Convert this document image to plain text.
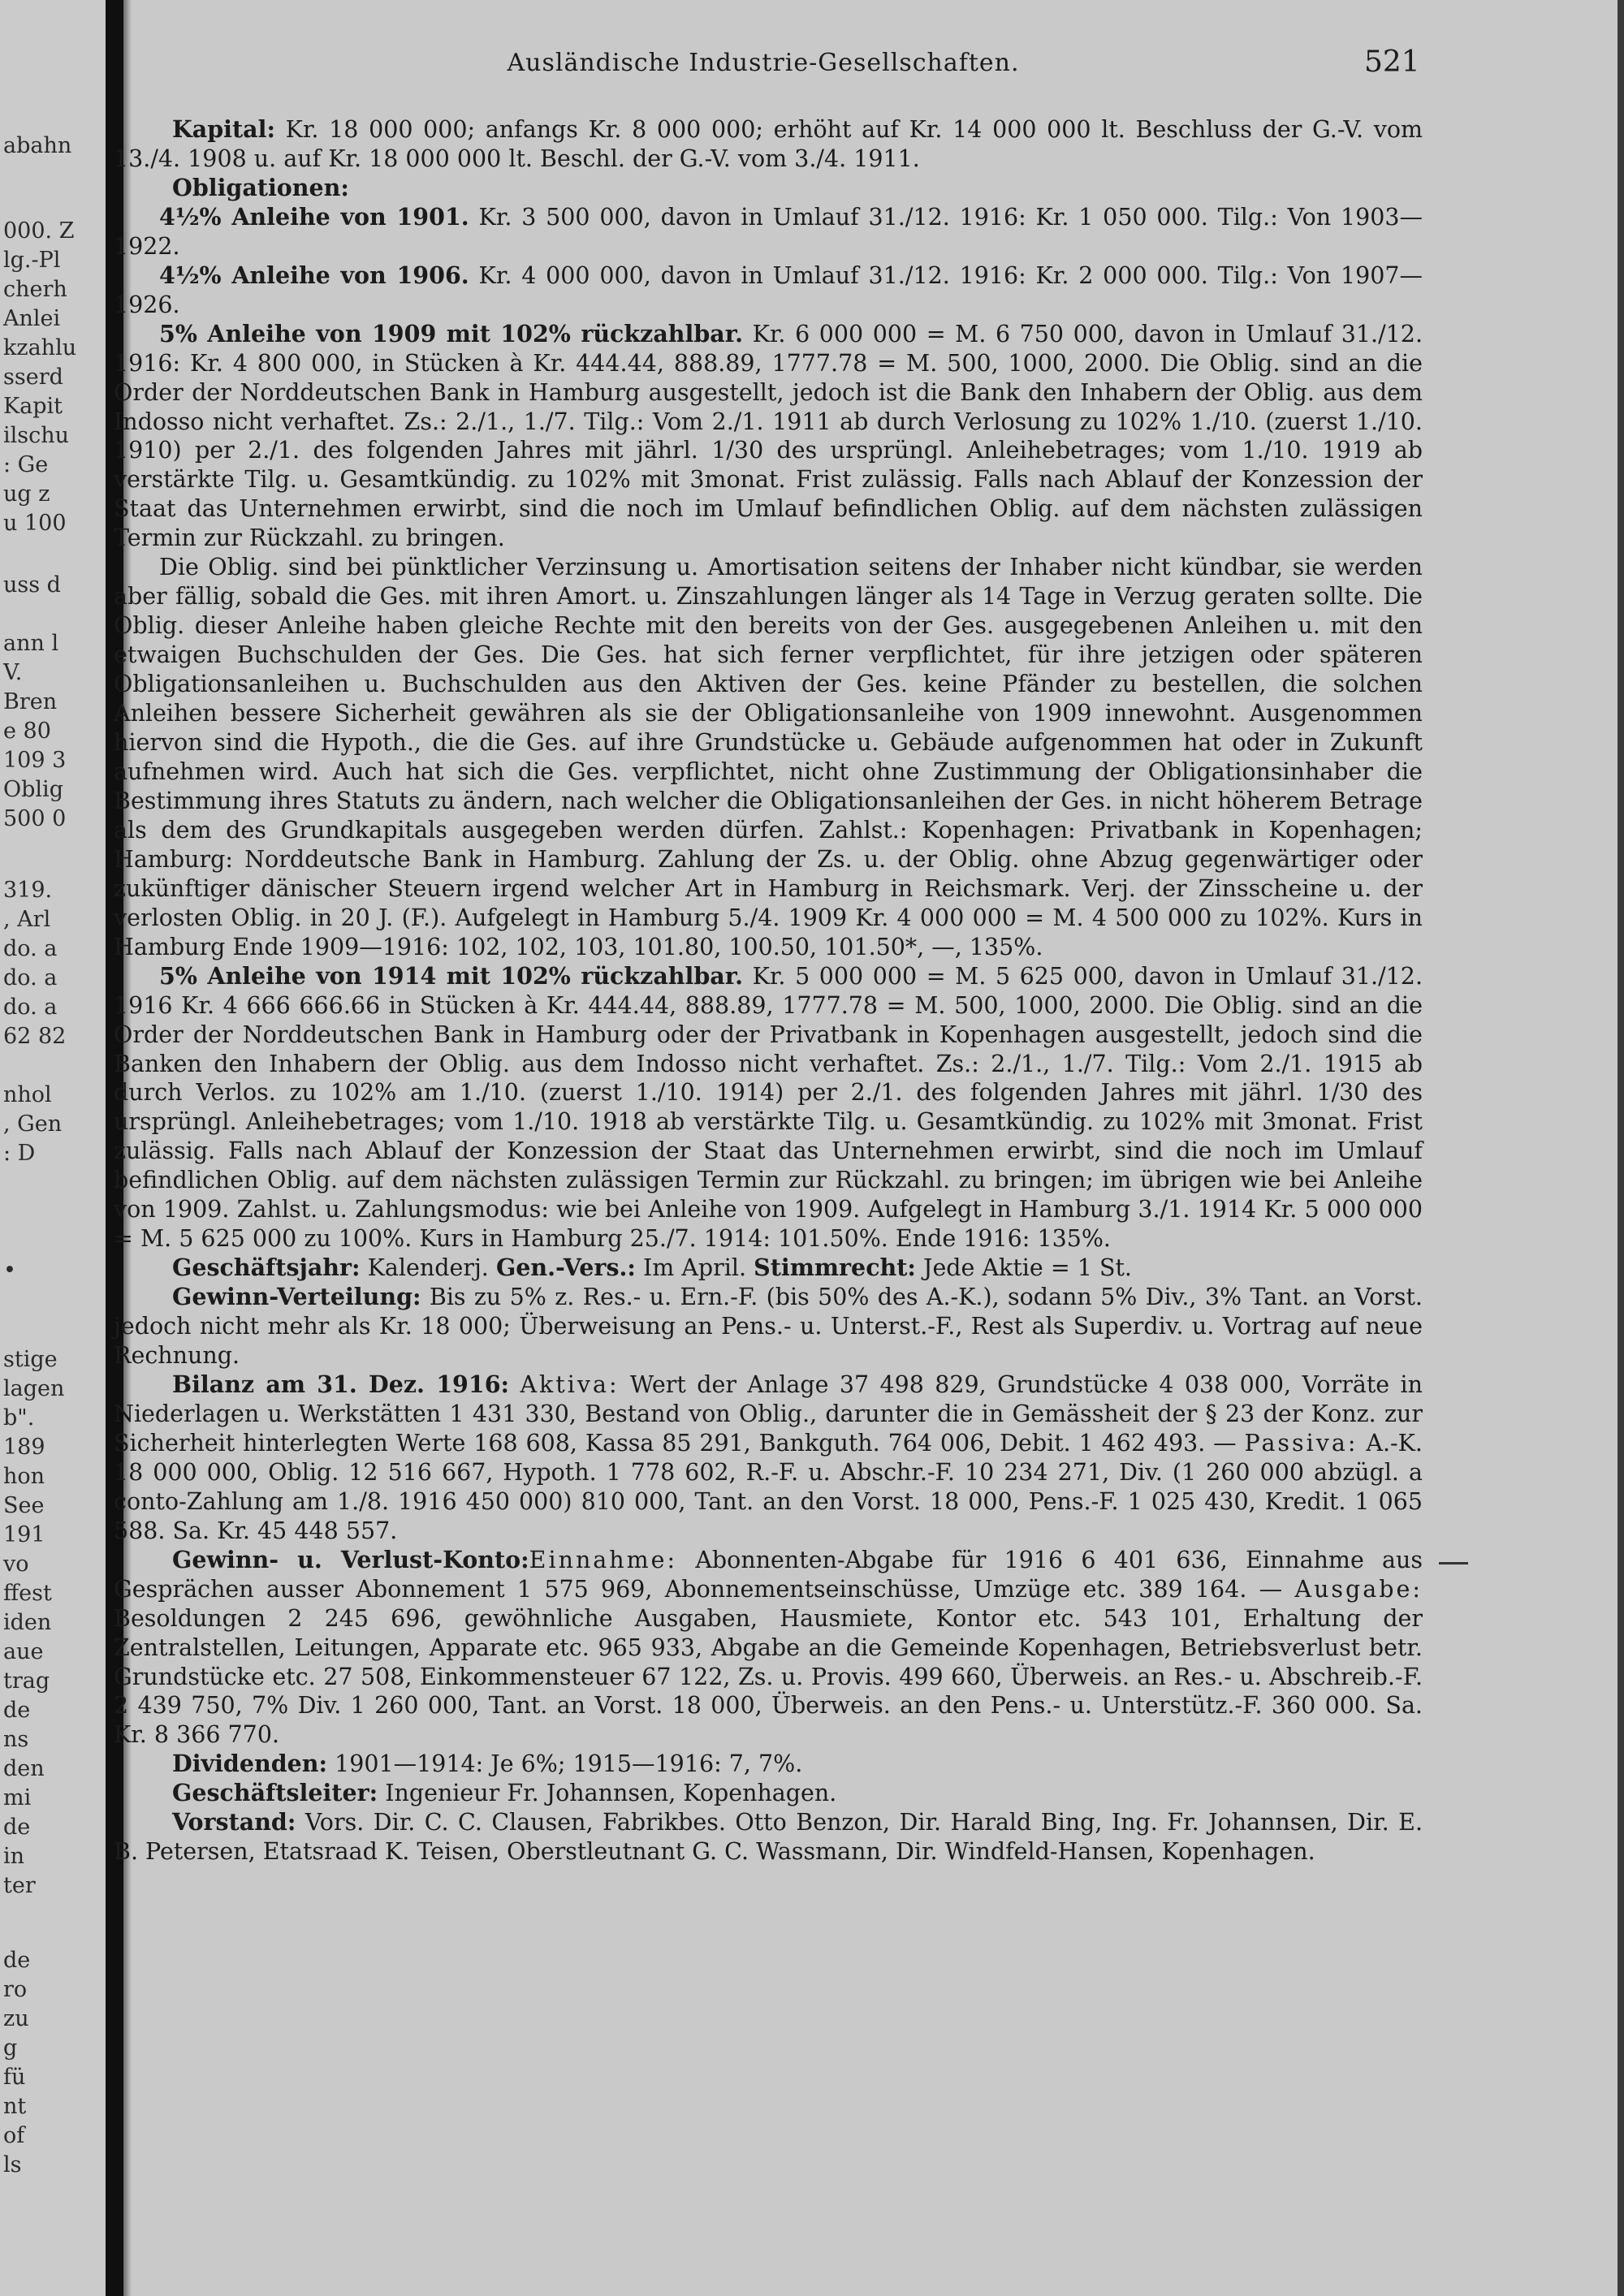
abahn
000. Z
lg.-Pl
cherh
Anlei
kzahlu
sserd
Kapit
ilschu
: Ge
ug z
u 100
uss d
ann l
V.
Bren
e 80
109 3
Oblig
500 0
319.
, Arl
do. a
do. a
do. a
62 82
nhol
, Gen
: D
•
stige
lagen
b".
189
hon
See
191
vo
ffest
iden
aue
trag
de
ns
den
mi
de
in
ter
de
ro
zu
g
fü
nt
of
ls
Ausländische Industrie-Gesellschaften.	521

Kapital: Kr. 18 000 000; anfangs Kr. 8 000 000; erhöht auf Kr. 14 000 000 lt. Beschluss der G.-V. vom 13./4. 1908 u. auf Kr. 18 000 000 lt. Beschl. der G.-V. vom 3./4. 1911.

Obligationen:

4½% Anleihe von 1901. Kr. 3 500 000, davon in Umlauf 31./12. 1916: Kr. 1 050 000. Tilg.: Von 1903—1922.

4½% Anleihe von 1906. Kr. 4 000 000, davon in Umlauf 31./12. 1916: Kr. 2 000 000. Tilg.: Von 1907—1926.

5% Anleihe von 1909 mit 102% rückzahlbar. Kr. 6 000 000 = M. 6 750 000, davon in Umlauf 31./12. 1916: Kr. 4 800 000, in Stücken à Kr. 444.44, 888.89, 1777.78 = M. 500, 1000, 2000. Die Oblig. sind an die Order der Norddeutschen Bank in Hamburg ausgestellt, jedoch ist die Bank den Inhabern der Oblig. aus dem Indosso nicht verhaftet. Zs.: 2./1., 1./7. Tilg.: Vom 2./1. 1911 ab durch Verlosung zu 102% 1./10. (zuerst 1./10. 1910) per 2./1. des folgenden Jahres mit jährl. 1/30 des ursprüngl. Anleihebetrages; vom 1./10. 1919 ab verstärkte Tilg. u. Gesamtkündig. zu 102% mit 3monat. Frist zulässig. Falls nach Ablauf der Konzession der Staat das Unternehmen erwirbt, sind die noch im Umlauf befindlichen Oblig. auf dem nächsten zulässigen Termin zur Rückzahl. zu bringen.

Die Oblig. sind bei pünktlicher Verzinsung u. Amortisation seitens der Inhaber nicht kündbar, sie werden aber fällig, sobald die Ges. mit ihren Amort. u. Zinszahlungen länger als 14 Tage in Verzug geraten sollte. Die Oblig. dieser Anleihe haben gleiche Rechte mit den bereits von der Ges. ausgegebenen Anleihen u. mit den etwaigen Buchschulden der Ges. Die Ges. hat sich ferner verpflichtet, für ihre jetzigen oder späteren Obligationsanleihen u. Buchschulden aus den Aktiven der Ges. keine Pfänder zu bestellen, die solchen Anleihen bessere Sicherheit gewähren als sie der Obligationsanleihe von 1909 innewohnt. Ausgenommen hiervon sind die Hypoth., die die Ges. auf ihre Grundstücke u. Gebäude aufgenommen hat oder in Zukunft aufnehmen wird. Auch hat sich die Ges. verpflichtet, nicht ohne Zustimmung der Obligationsinhaber die Bestimmung ihres Statuts zu ändern, nach welcher die Obligationsanleihen der Ges. in nicht höherem Betrage als dem des Grundkapitals ausgegeben werden dürfen. Zahlst.: Kopenhagen: Privatbank in Kopenhagen; Hamburg: Norddeutsche Bank in Hamburg. Zahlung der Zs. u. der Oblig. ohne Abzug gegenwärtiger oder zukünftiger dänischer Steuern irgend welcher Art in Hamburg in Reichsmark. Verj. der Zinsscheine u. der verlosten Oblig. in 20 J. (F.). Aufgelegt in Hamburg 5./4. 1909 Kr. 4 000 000 = M. 4 500 000 zu 102%. Kurs in Hamburg Ende 1909—1916: 102, 102, 103, 101.80, 100.50, 101.50*, —, 135%.

5% Anleihe von 1914 mit 102% rückzahlbar. Kr. 5 000 000 = M. 5 625 000, davon in Umlauf 31./12. 1916 Kr. 4 666 666.66 in Stücken à Kr. 444.44, 888.89, 1777.78 = M. 500, 1000, 2000. Die Oblig. sind an die Order der Norddeutschen Bank in Hamburg oder der Privatbank in Kopenhagen ausgestellt, jedoch sind die Banken den Inhabern der Oblig. aus dem Indosso nicht verhaftet. Zs.: 2./1., 1./7. Tilg.: Vom 2./1. 1915 ab durch Verlos. zu 102% am 1./10. (zuerst 1./10. 1914) per 2./1. des folgenden Jahres mit jährl. 1/30 des ursprüngl. Anleihebetrages; vom 1./10. 1918 ab verstärkte Tilg. u. Gesamtkündig. zu 102% mit 3monat. Frist zulässig. Falls nach Ablauf der Konzession der Staat das Unternehmen erwirbt, sind die noch im Umlauf befindlichen Oblig. auf dem nächsten zulässigen Termin zur Rückzahl. zu bringen; im übrigen wie bei Anleihe von 1909. Zahlst. u. Zahlungsmodus: wie bei Anleihe von 1909. Aufgelegt in Hamburg 3./1. 1914 Kr. 5 000 000 = M. 5 625 000 zu 100%. Kurs in Hamburg 25./7. 1914: 101.50%. Ende 1916: 135%.

Geschäftsjahr: Kalenderj. Gen.-Vers.: Im April. Stimmrecht: Jede Aktie = 1 St.

Gewinn-Verteilung: Bis zu 5% z. Res.- u. Ern.-F. (bis 50% des A.-K.), sodann 5% Div., 3% Tant. an Vorst. jedoch nicht mehr als Kr. 18 000; Überweisung an Pens.- u. Unterst.-F., Rest als Superdiv. u. Vortrag auf neue Rechnung.

Bilanz am 31. Dez. 1916: Aktiva: Wert der Anlage 37 498 829, Grundstücke 4 038 000, Vorräte in Niederlagen u. Werkstätten 1 431 330, Bestand von Oblig., darunter die in Gemässheit der § 23 der Konz. zur Sicherheit hinterlegten Werte 168 608, Kassa 85 291, Bankguth. 764 006, Debit. 1 462 493. — Passiva: A.-K. 18 000 000, Oblig. 12 516 667, Hypoth. 1 778 602, R.-F. u. Abschr.-F. 10 234 271, Div. (1 260 000 abzügl. a conto-Zahlung am 1./8. 1916 450 000) 810 000, Tant. an den Vorst. 18 000, Pens.-F. 1 025 430, Kredit. 1 065 588. Sa. Kr. 45 448 557.

Gewinn- u. Verlust-Konto:Einnahme: Abonnenten-Abgabe für 1916 6 401 636, Einnahme aus Gesprächen ausser Abonnement 1 575 969, Abonnementseinschüsse, Umzüge etc. 389 164. — Ausgabe: Besoldungen 2 245 696, gewöhnliche Ausgaben, Hausmiete, Kontor etc. 543 101, Erhaltung der Zentralstellen, Leitungen, Apparate etc. 965 933, Abgabe an die Gemeinde Kopenhagen, Betriebsverlust betr. Grundstücke etc. 27 508, Einkommensteuer 67 122, Zs. u. Provis. 499 660, Überweis. an Res.- u. Abschreib.-F. 2 439 750, 7% Div. 1 260 000, Tant. an Vorst. 18 000, Überweis. an den Pens.- u. Unterstütz.-F. 360 000. Sa. Kr. 8 366 770.

Dividenden: 1901—1914: Je 6%; 1915—1916: 7, 7%.

Geschäftsleiter: Ingenieur Fr. Johannsen, Kopenhagen.

Vorstand: Vors. Dir. C. C. Clausen, Fabrikbes. Otto Benzon, Dir. Harald Bing, Ing. Fr. Johannsen, Dir. E. B. Petersen, Etatsraad K. Teisen, Oberstleutnant G. C. Wassmann, Dir. Windfeld-Hansen, Kopenhagen.
